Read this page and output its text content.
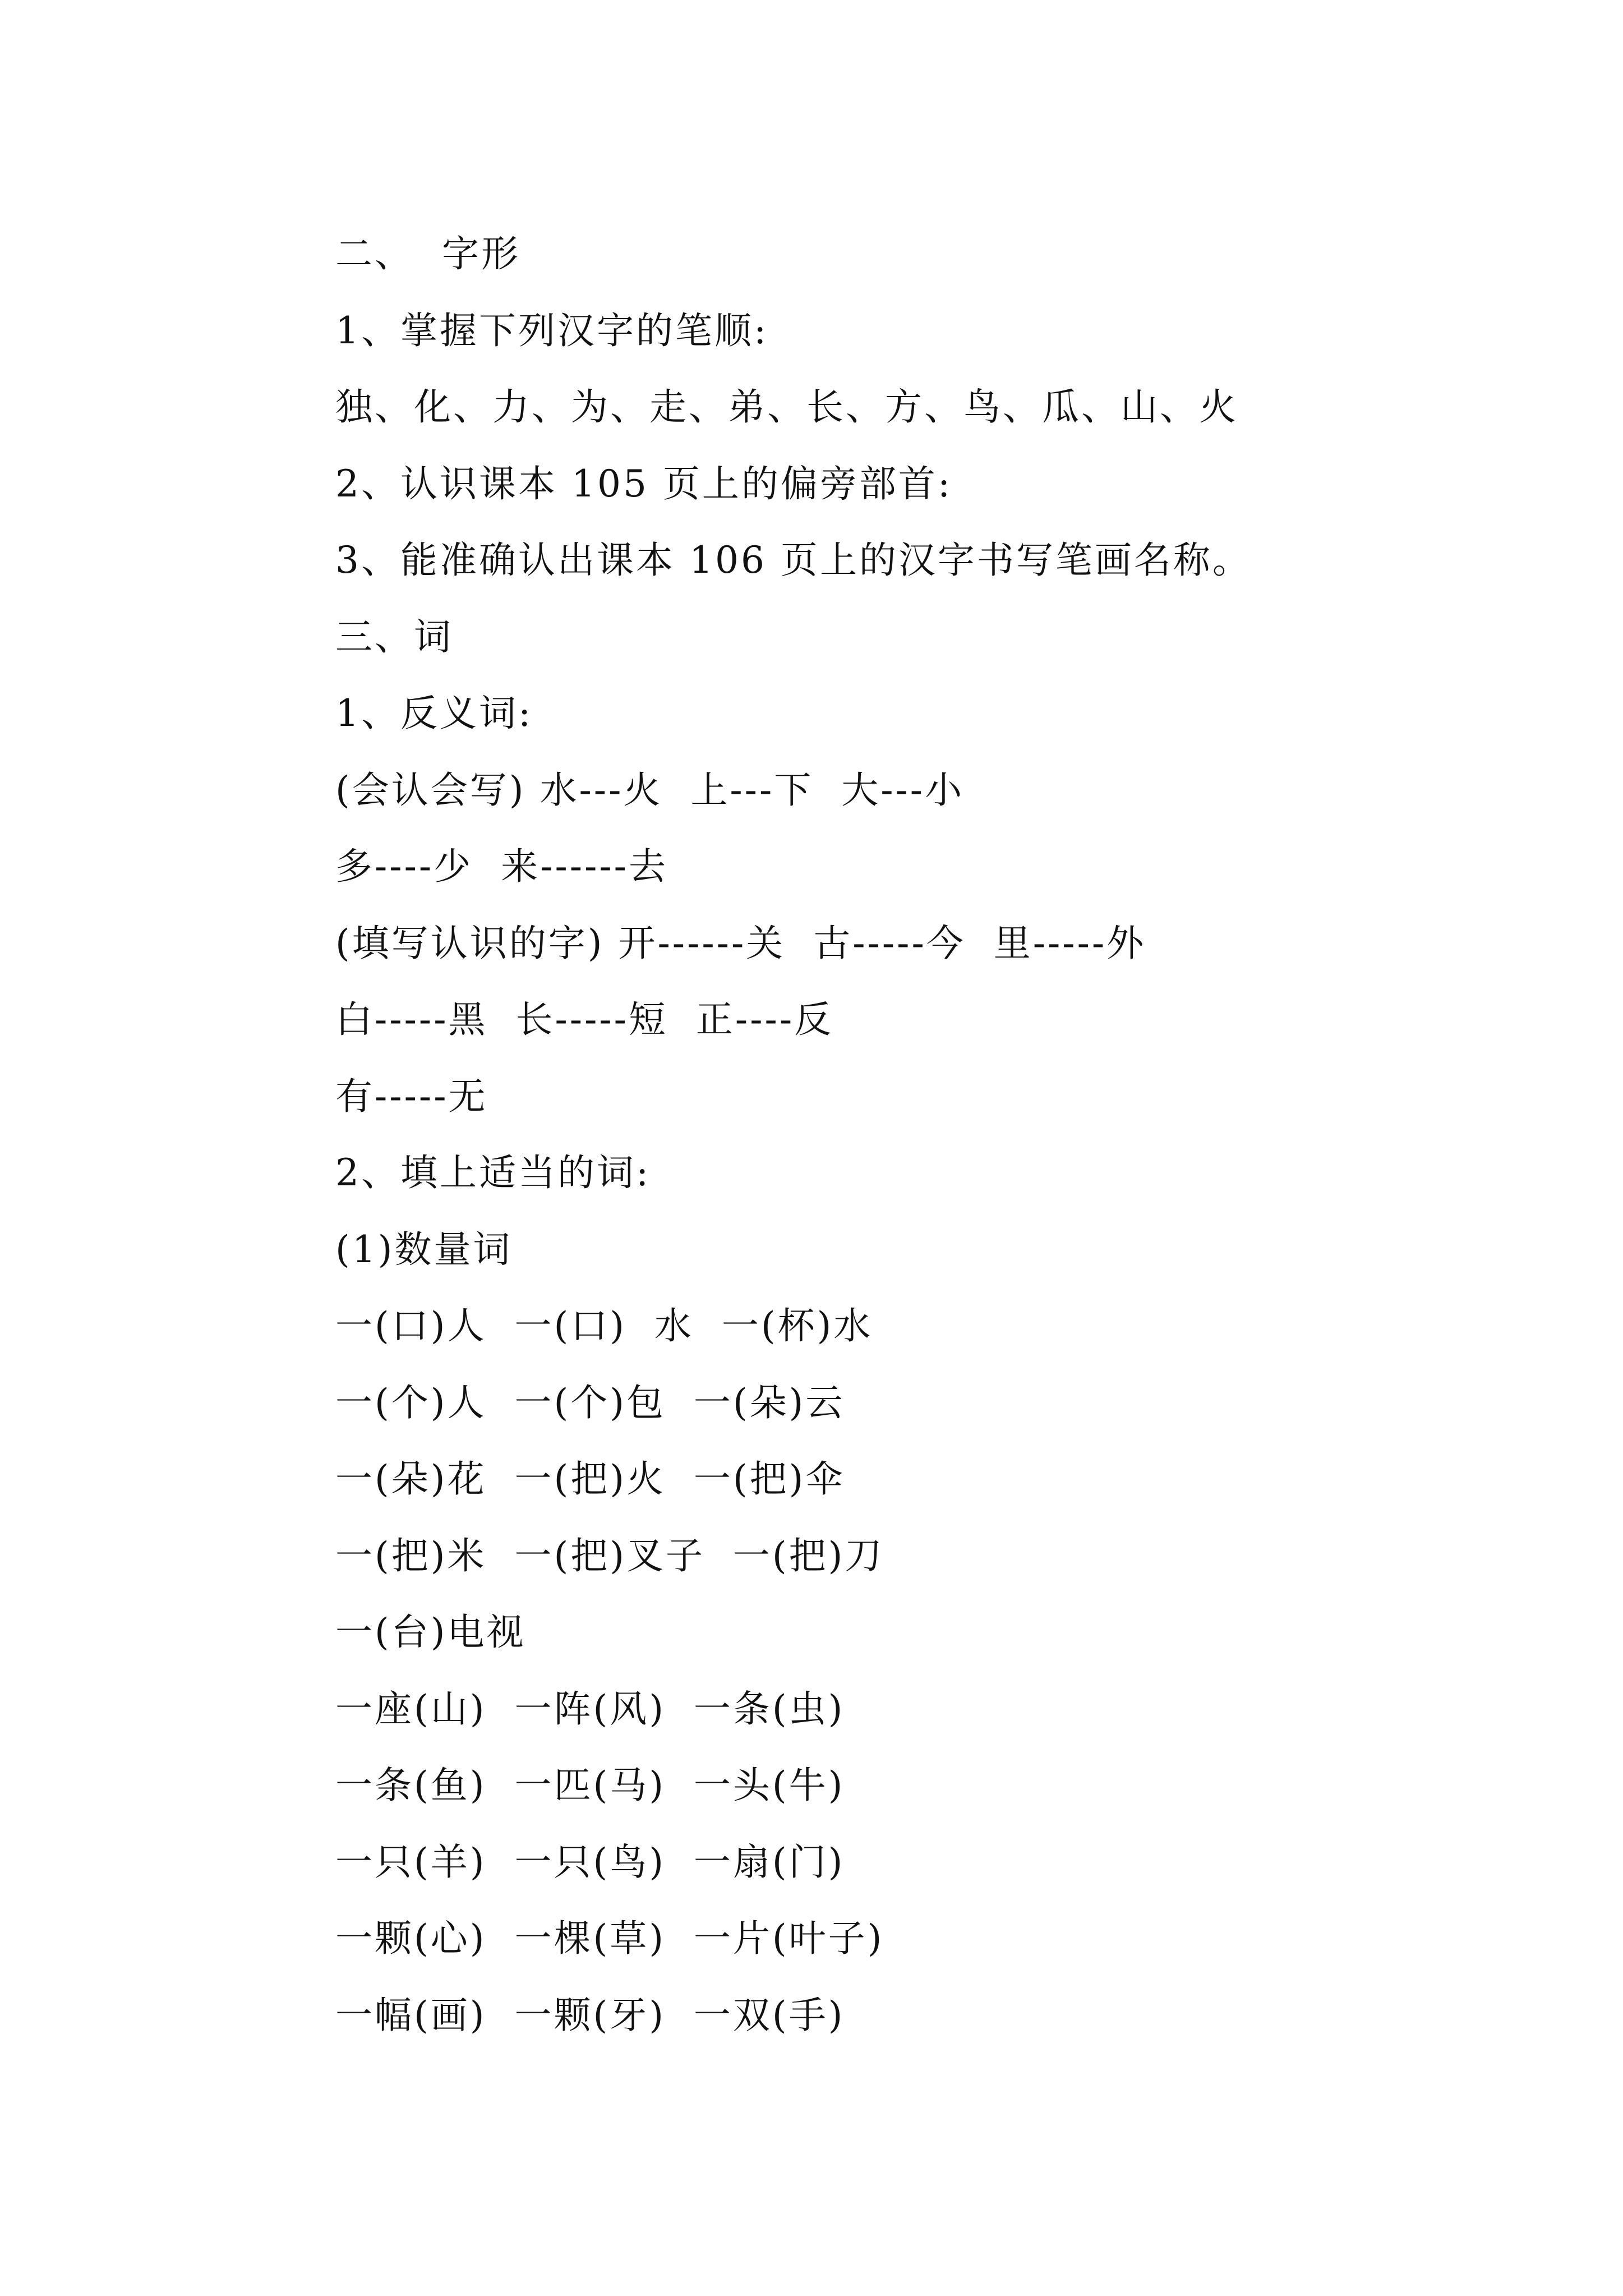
二、  字形
1、掌握下列汉字的笔顺:
独、化、力、为、走、弟、长、方、鸟、瓜、山、火
2、认识课本 105 页上的偏旁部首:
3、能准确认出课本 106 页上的汉字书写笔画名称。
三、词
1、反义词:
(会认会写) 水---火  上---下  大---小
多----少  来------去
(填写认识的字) 开------关  古-----今  里-----外
白-----黑  长-----短  正----反
有-----无
2、填上适当的词:
(1)数量词
一(口)人  一(口)  水  一(杯)水
一(个)人  一(个)包  一(朵)云
一(朵)花  一(把)火  一(把)伞
一(把)米  一(把)叉子  一(把)刀
一(台)电视
一座(山)  一阵(风)  一条(虫)
一条(鱼)  一匹(马)  一头(牛)
一只(羊)  一只(鸟)  一扇(门)
一颗(心)  一棵(草)  一片(叶子)
一幅(画)  一颗(牙)  一双(手)
